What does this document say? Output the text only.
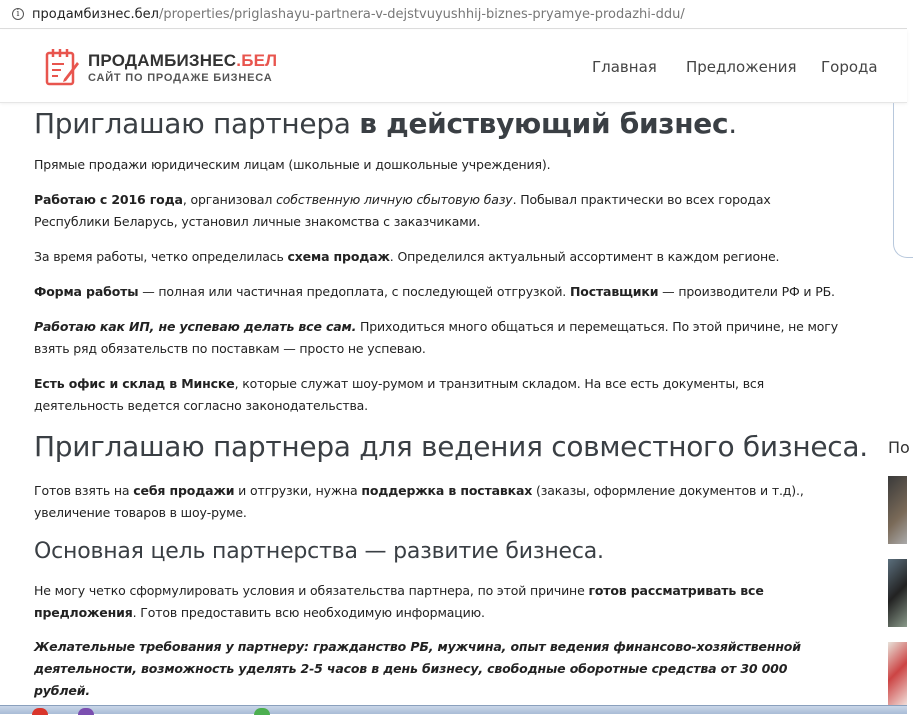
i продамбизнес.бел/properties/priglashayu-partnera-v-dejstvuyushhij-biznes-pryamye-prodazhi-ddu/
ПРОДАМБИЗНЕС.БЕЛ
САЙТ ПО ПРОДАЖЕ БИЗНЕСА
Главная Предложения Города
Приглашаю партнера в действующий бизнес.

Прямые продажи юридическим лицам (школьные и дошкольные учреждения).

Работаю с 2016 года, организовал собственную личную сбытовую базу. Побывал практически во всех городах Республики Беларусь, установил личные знакомства с заказчиками.

За время работы, четко определилась схема продаж. Определился актуальный ассортимент в каждом регионе.

Форма работы — полная или частичная предоплата, с последующей отгрузкой. Поставщики — производители РФ и РБ.

Работаю как ИП, не успеваю делать все сам. Приходиться много общаться и перемещаться. По этой причине, не могу взять ряд обязательств по поставкам — просто не успеваю.

Есть офис и склад в Минске, которые служат шоу-румом и транзитным складом. На все есть документы, вся деятельность ведется согласно законодательства.

Приглашаю партнера для ведения совместного бизнеса.

Готов взять на себя продажи и отгрузки, нужна поддержка в поставках (заказы, оформление документов и т.д)., увеличение товаров в шоу-руме.

Основная цель партнерства — развитие бизнеса.

Не могу четко сформулировать условия и обязательства партнера, по этой причине готов рассматривать все предложения. Готов предоставить всю необходимую информацию.

Желательные требования у партнеру: гражданство РБ, мужчина, опыт ведения финансово-хозяйственной деятельности, возможность уделять 2-5 часов в день бизнесу, свободные оборотные средства от 30 000 рублей.

По
